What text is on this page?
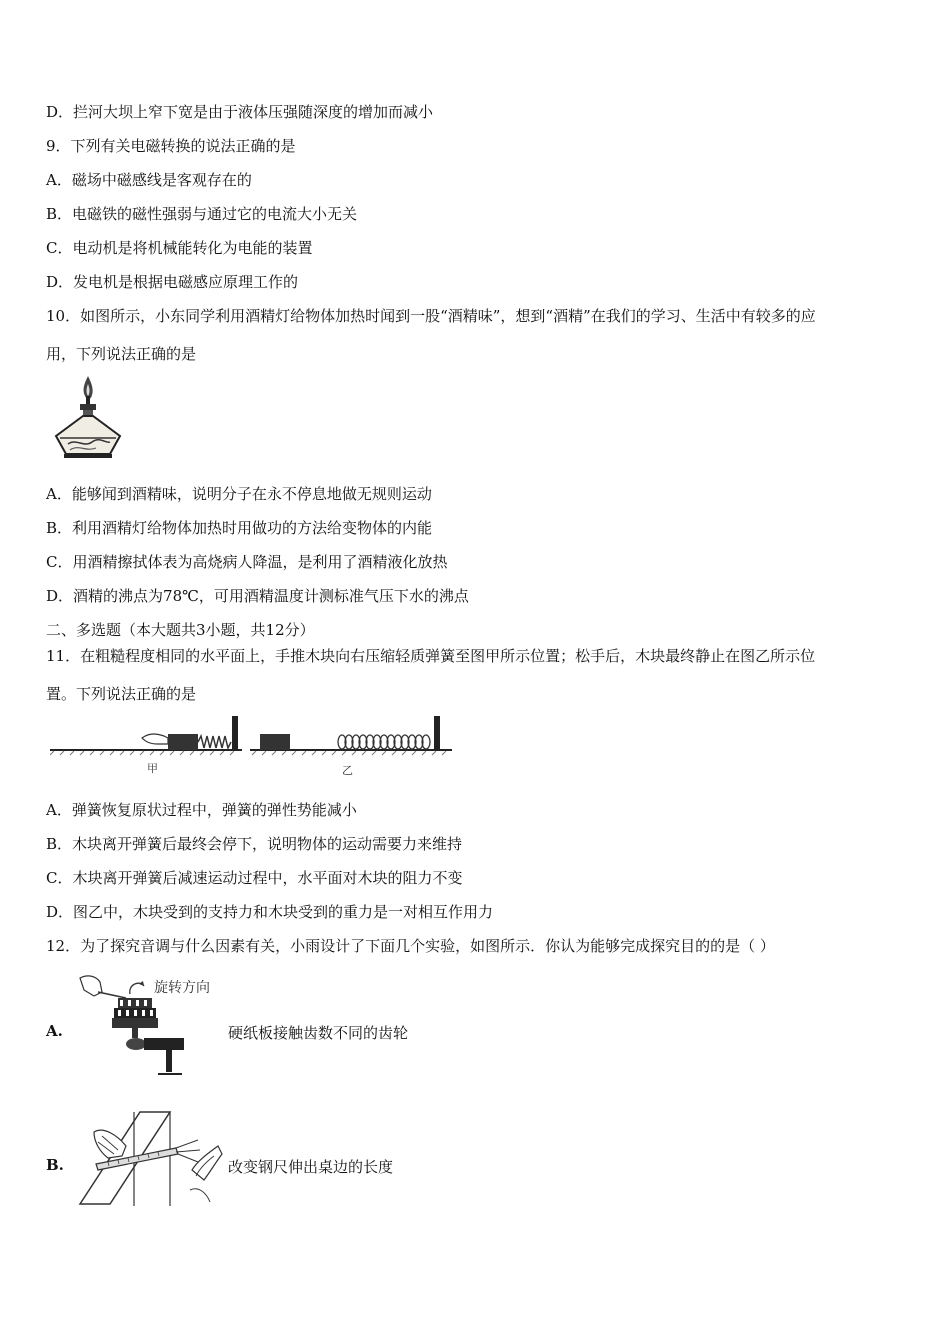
D．拦河大坝上窄下宽是由于液体压强随深度的增加而减小
9．下列有关电磁转换的说法正确的是
A．磁场中磁感线是客观存在的
B．电磁铁的磁性强弱与通过它的电流大小无关
C．电动机是将机械能转化为电能的装置
D．发电机是根据电磁感应原理工作的
10．如图所示，小东同学利用酒精灯给物体加热时闻到一股“酒精味”，想到“酒精”在我们的学习、生活中有较多的应
用，下列说法正确的是
A．能够闻到酒精味，说明分子在永不停息地做无规则运动
B．利用酒精灯给物体加热时用做功的方法给变物体的内能
C．用酒精擦拭体表为高烧病人降温，是利用了酒精液化放热
D．酒精的沸点为78℃，可用酒精温度计测标准气压下水的沸点
二、多选题（本大题共3小题，共12分）
11．在粗糙程度相同的水平面上，手推木块向右压缩轻质弹簧至图甲所示位置；松手后，木块最终静止在图乙所示位
置。下列说法正确的是
甲	乙
A．弹簧恢复原状过程中，弹簧的弹性势能减小
B．木块离开弹簧后最终会停下，说明物体的运动需要力来维持
C．木块离开弹簧后减速运动过程中，水平面对木块的阻力不变
D．图乙中，木块受到的支持力和木块受到的重力是一对相互作用力
12．为了探究音调与什么因素有关，小雨设计了下面几个实验，如图所示．你认为能够完成探究目的的是（ ）
A.
旋转方向
硬纸板接触齿数不同的齿轮
B.	改变钢尺伸出桌边的长度
